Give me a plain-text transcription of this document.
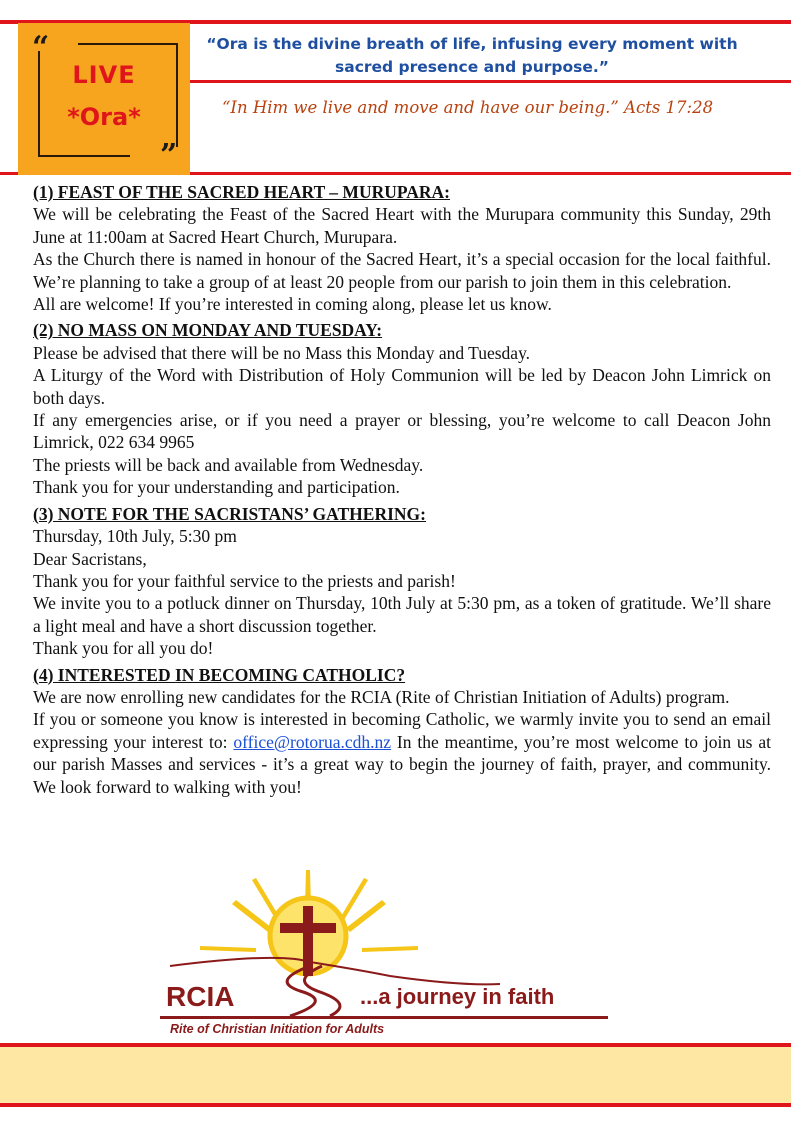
“
”
LIVE
*Ora*
“Ora is the divine breath of life, infusing every moment with sacred presence and purpose.”
“In Him we live and move and have our being.” Acts 17:28
(1) FEAST OF THE SACRED HEART – MURUPARA:

We will be celebrating the Feast of the Sacred Heart with the Murupara community this Sunday, 29th June at 11:00am at Sacred Heart Church, Murupara.

As the Church there is named in honour of the Sacred Heart, it’s a special occasion for the local faithful. We’re planning to take a group of at least 20 people from our parish to join them in this celebration.

All are welcome! If you’re interested in coming along, please let us know.

(2) NO MASS ON MONDAY AND TUESDAY:

Please be advised that there will be no Mass this Monday and Tuesday.

A Liturgy of the Word with Distribution of Holy Communion will be led by Deacon John Limrick on both days.

If any emergencies arise, or if you need a prayer or blessing, you’re welcome to call Deacon John Limrick, 022 634 9965

The priests will be back and available from Wednesday.

Thank you for your understanding and participation.

(3) NOTE FOR THE SACRISTANS’ GATHERING:

Thursday, 10th July, 5:30 pm

Dear Sacristans,

Thank you for your faithful service to the priests and parish!

We invite you to a potluck dinner on Thursday, 10th July at 5:30 pm, as a token of gratitude. We’ll share a light meal and have a short discussion together.

Thank you for all you do!

(4) INTERESTED IN BECOMING CATHOLIC?

We are now enrolling new candidates for the RCIA (Rite of Christian Initiation of Adults) program.

If you or someone you know is interested in becoming Catholic, we warmly invite you to send an email expressing your interest to: office@rotorua.cdh.nz In the meantime, you’re most welcome to join us at our parish Masses and services - it’s a great way to begin the journey of faith, prayer, and community. We look forward to walking with you!

RCIA	...a journey in faith
Rite of Christian Initiation for Adults
